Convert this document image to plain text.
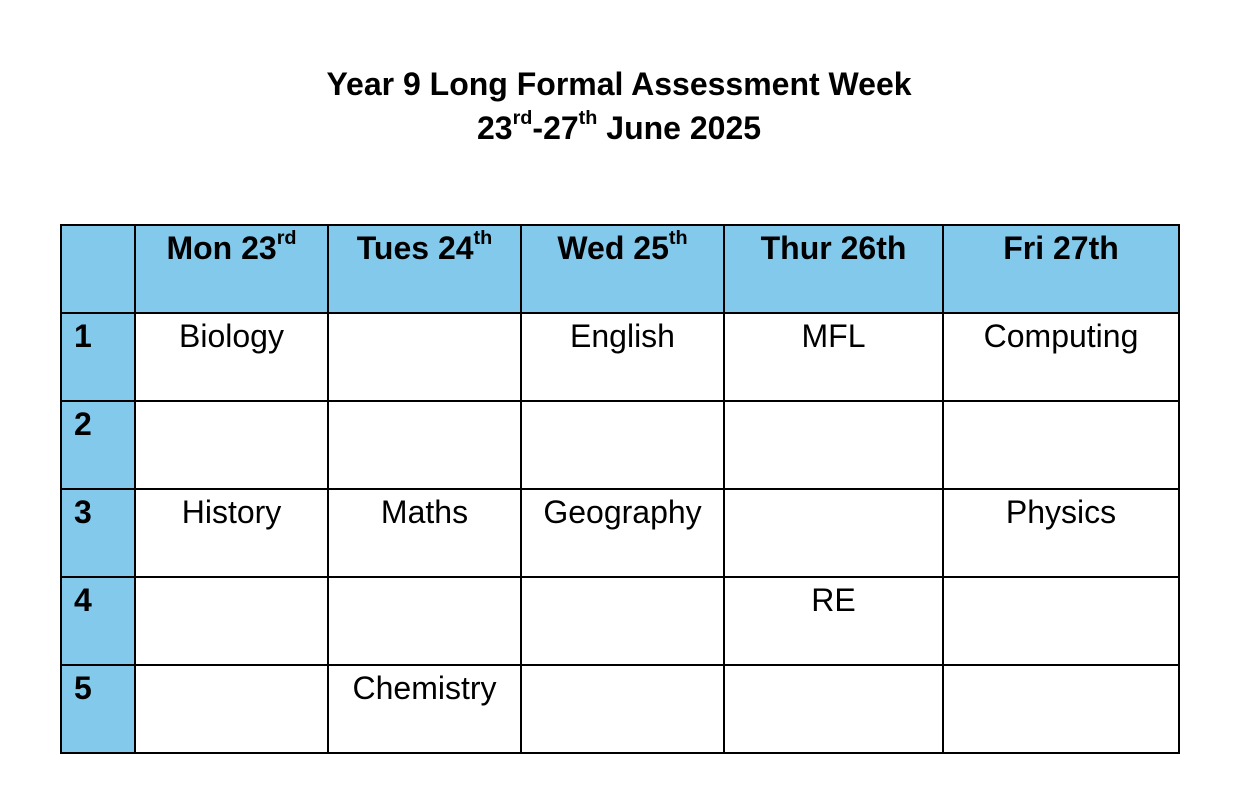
Year 9 Long Formal Assessment Week
23rd-27th June 2025

	Mon 23rd	Tues 24th	Wed 25th	Thur 26th	Fri 27th

1	Biology		English	MFL	Computing

2					

3	History	Maths	Geography		Physics

4				RE	

5		Chemistry			
